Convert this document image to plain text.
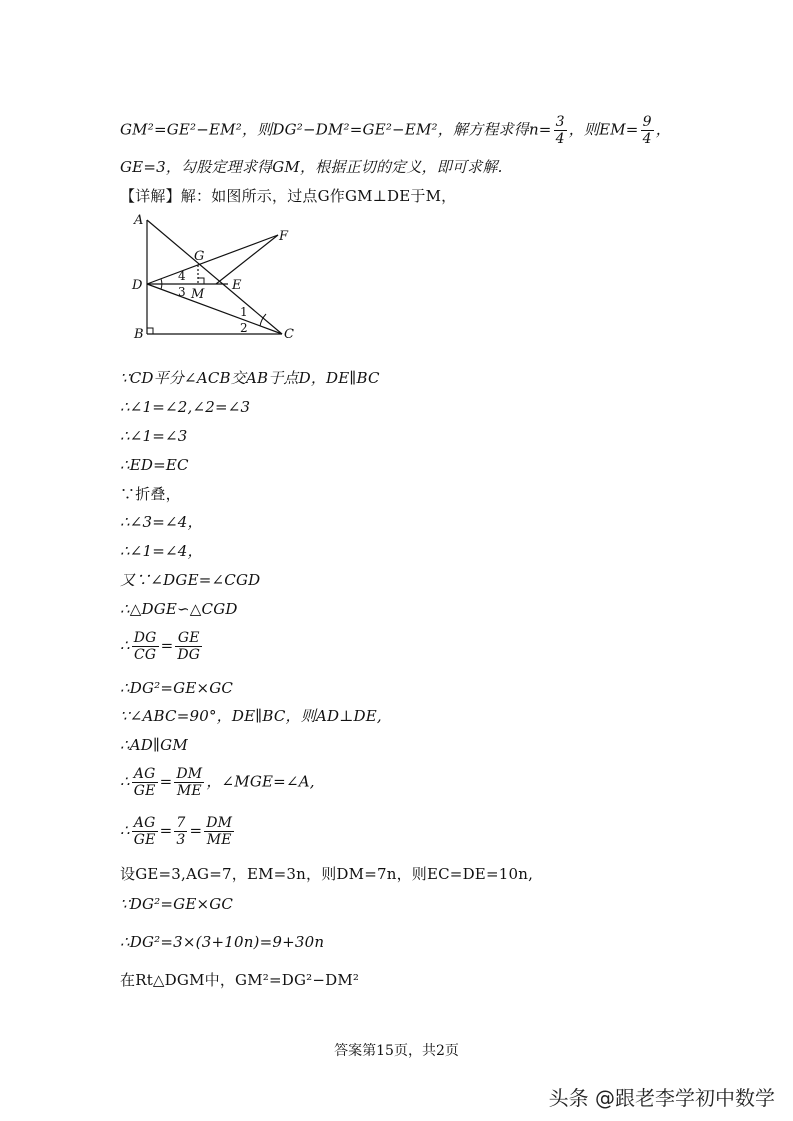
GM²=GE²−EM²，则DG²−DM²=GE²−EM²，解方程求得$n= \frac{3}{4}$ ，则$EM= \frac{9}{4}$ ，
GE=3，勾股定理求得GM，根据正切的定义，即可求解.
【详解】解：如图所示，过点G作GM⊥DE于M，
A
G
F
D	E
M
B	C
4
3
1
2
∵CD平分∠ACB交AB于点D，DE∥BC
∴∠1=∠2,∠2=∠3
∴∠1=∠3
∴ED=EC
∵折叠，
∴∠3=∠4，
∴∠1=∠4，
又∵∠DGE=∠CGD
∴△DGE∽△CGD
∴ $\frac{DG}{CG} = \frac{GE}{DG}$
∴DG²=GE×GC
∵∠ABC=90°，DE∥BC，则AD⊥DE,
∴AD∥GM
∴ $\frac{AG}{GE} = \frac{DM}{ME}$ ，∠MGE=∠A,
∴ $\frac{AG}{GE} = \frac{7}{3} = \frac{DM}{ME}$
设GE=3,AG=7，EM=3n，则DM=7n，则EC=DE=10n,
∵DG²=GE×GC
∴DG²=3×(3+10n)=9+30n
在Rt△DGM中，GM²=DG²−DM²
答案第15页，共2页
头条 @跟老李学初中数学
